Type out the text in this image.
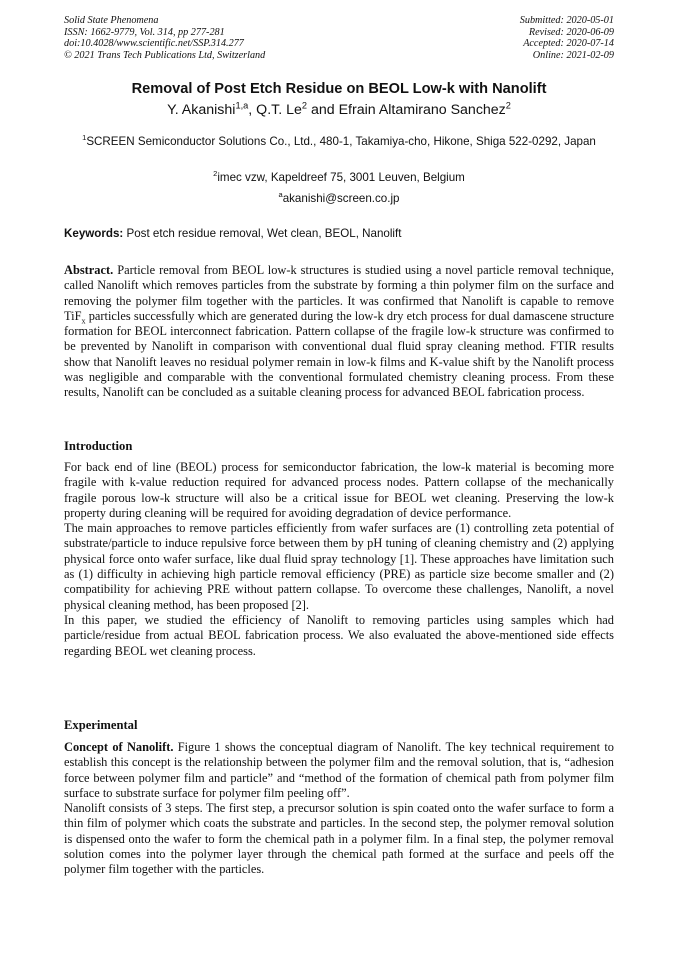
Solid State Phenomena
ISSN: 1662-9779, Vol. 314, pp 277-281
doi:10.4028/www.scientific.net/SSP.314.277
© 2021 Trans Tech Publications Ltd, Switzerland
Submitted: 2020-05-01
Revised: 2020-06-09
Accepted: 2020-07-14
Online: 2021-02-09
Removal of Post Etch Residue on BEOL Low-k with Nanolift
Y. Akanishi$^{1,a}$, Q.T. Le$^2$ and Efrain Altamirano Sanchez$^2$
$^1$SCREEN Semiconductor Solutions Co., Ltd., 480-1, Takamiya-cho, Hikone, Shiga 522-0292, Japan
$^2$imec vzw, Kapeldreef 75, 3001 Leuven, Belgium
$^a$akanishi@screen.co.jp
Keywords: Post etch residue removal, Wet clean, BEOL, Nanolift
Abstract. Particle removal from BEOL low-k structures is studied using a novel particle removal technique, called Nanolift which removes particles from the substrate by forming a thin polymer film on the surface and removing the polymer film together with the particles. It was confirmed that Nanolift is capable to remove TiF$_x$ particles successfully which are generated during the low-k dry etch process for dual damascene structure formation for BEOL interconnect fabrication. Pattern collapse of the fragile low-k structure was confirmed to be prevented by Nanolift in comparison with conventional dual fluid spray cleaning method. FTIR results show that Nanolift leaves no residual polymer remain in low-k films and K-value shift by the Nanolift process was negligible and comparable with the conventional formulated chemistry cleaning process. From these results, Nanolift can be concluded as a suitable cleaning process for advanced BEOL fabrication process.
Introduction
For back end of line (BEOL) process for semiconductor fabrication, the low-k material is becoming more fragile with k-value reduction required for advanced process nodes. Pattern collapse of the mechanically fragile porous low-k structure will also be a critical issue for BEOL wet cleaning. Preserving the low-k property during cleaning will be required for avoiding degradation of device performance.
The main approaches to remove particles efficiently from wafer surfaces are (1) controlling zeta potential of substrate/particle to induce repulsive force between them by pH tuning of cleaning chemistry and (2) applying physical force onto wafer surface, like dual fluid spray technology [1]. These approaches have limitation such as (1) difficulty in achieving high particle removal efficiency (PRE) as particle size become smaller and (2) compatibility for achieving PRE without pattern collapse. To overcome these challenges, Nanolift, a novel physical cleaning method, has been proposed [2].
In this paper, we studied the efficiency of Nanolift to removing particles using samples which had particle/residue from actual BEOL fabrication process. We also evaluated the above-mentioned side effects regarding BEOL wet cleaning process.
Experimental
Concept of Nanolift. Figure 1 shows the conceptual diagram of Nanolift. The key technical requirement to establish this concept is the relationship between the polymer film and the removal solution, that is, “adhesion force between polymer film and particle” and “method of the formation of chemical path from polymer film surface to substrate surface for polymer film peeling off”.
Nanolift consists of 3 steps. The first step, a precursor solution is spin coated onto the wafer surface to form a thin film of polymer which coats the substrate and particles. In the second step, the polymer removal solution is dispensed onto the wafer to form the chemical path in a polymer film. In a final step, the polymer removal solution comes into the polymer layer through the chemical path formed at the surface and peels off the polymer film together with the particles.
